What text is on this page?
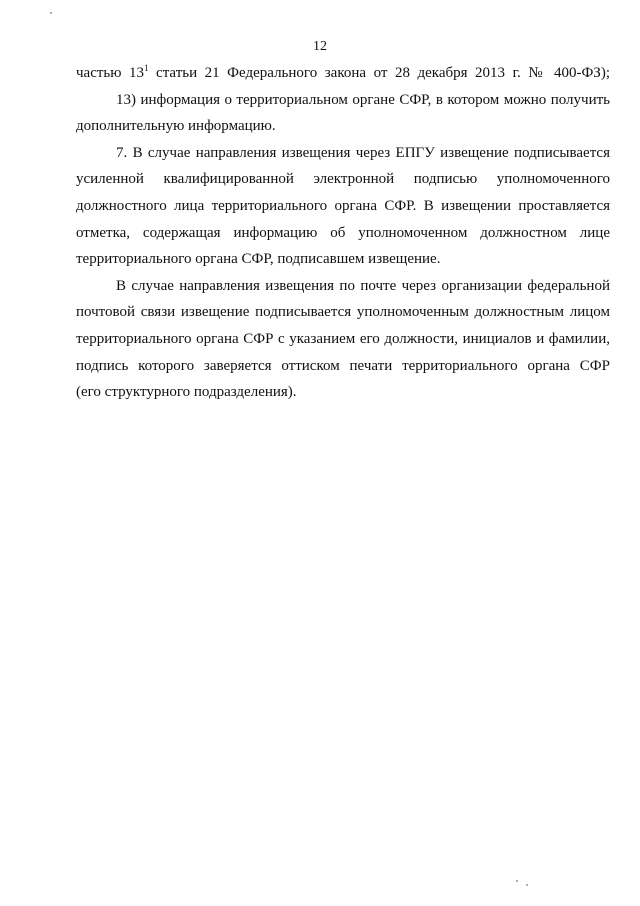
12
частью $13^1$ статьи 21 Федерального закона от 28 декабря 2013 г. № 400-ФЗ);
13) информация о территориальном органе СФР, в котором можно получить
дополнительную информацию.
7. В случае направления извещения через ЕПГУ извещение подписывается
усиленной квалифицированной электронной подписью уполномоченного
должностного лица территориального органа СФР. В извещении проставляется
отметка, содержащая информацию об уполномоченном должностном лице
территориального органа СФР, подписавшем извещение.
В случае направления извещения по почте через организации федеральной
почтовой связи извещение подписывается уполномоченным должностным лицом
территориального органа СФР с указанием его должности, инициалов и фамилии,
подпись которого заверяется оттиском печати территориального органа СФР
(его структурного подразделения).
